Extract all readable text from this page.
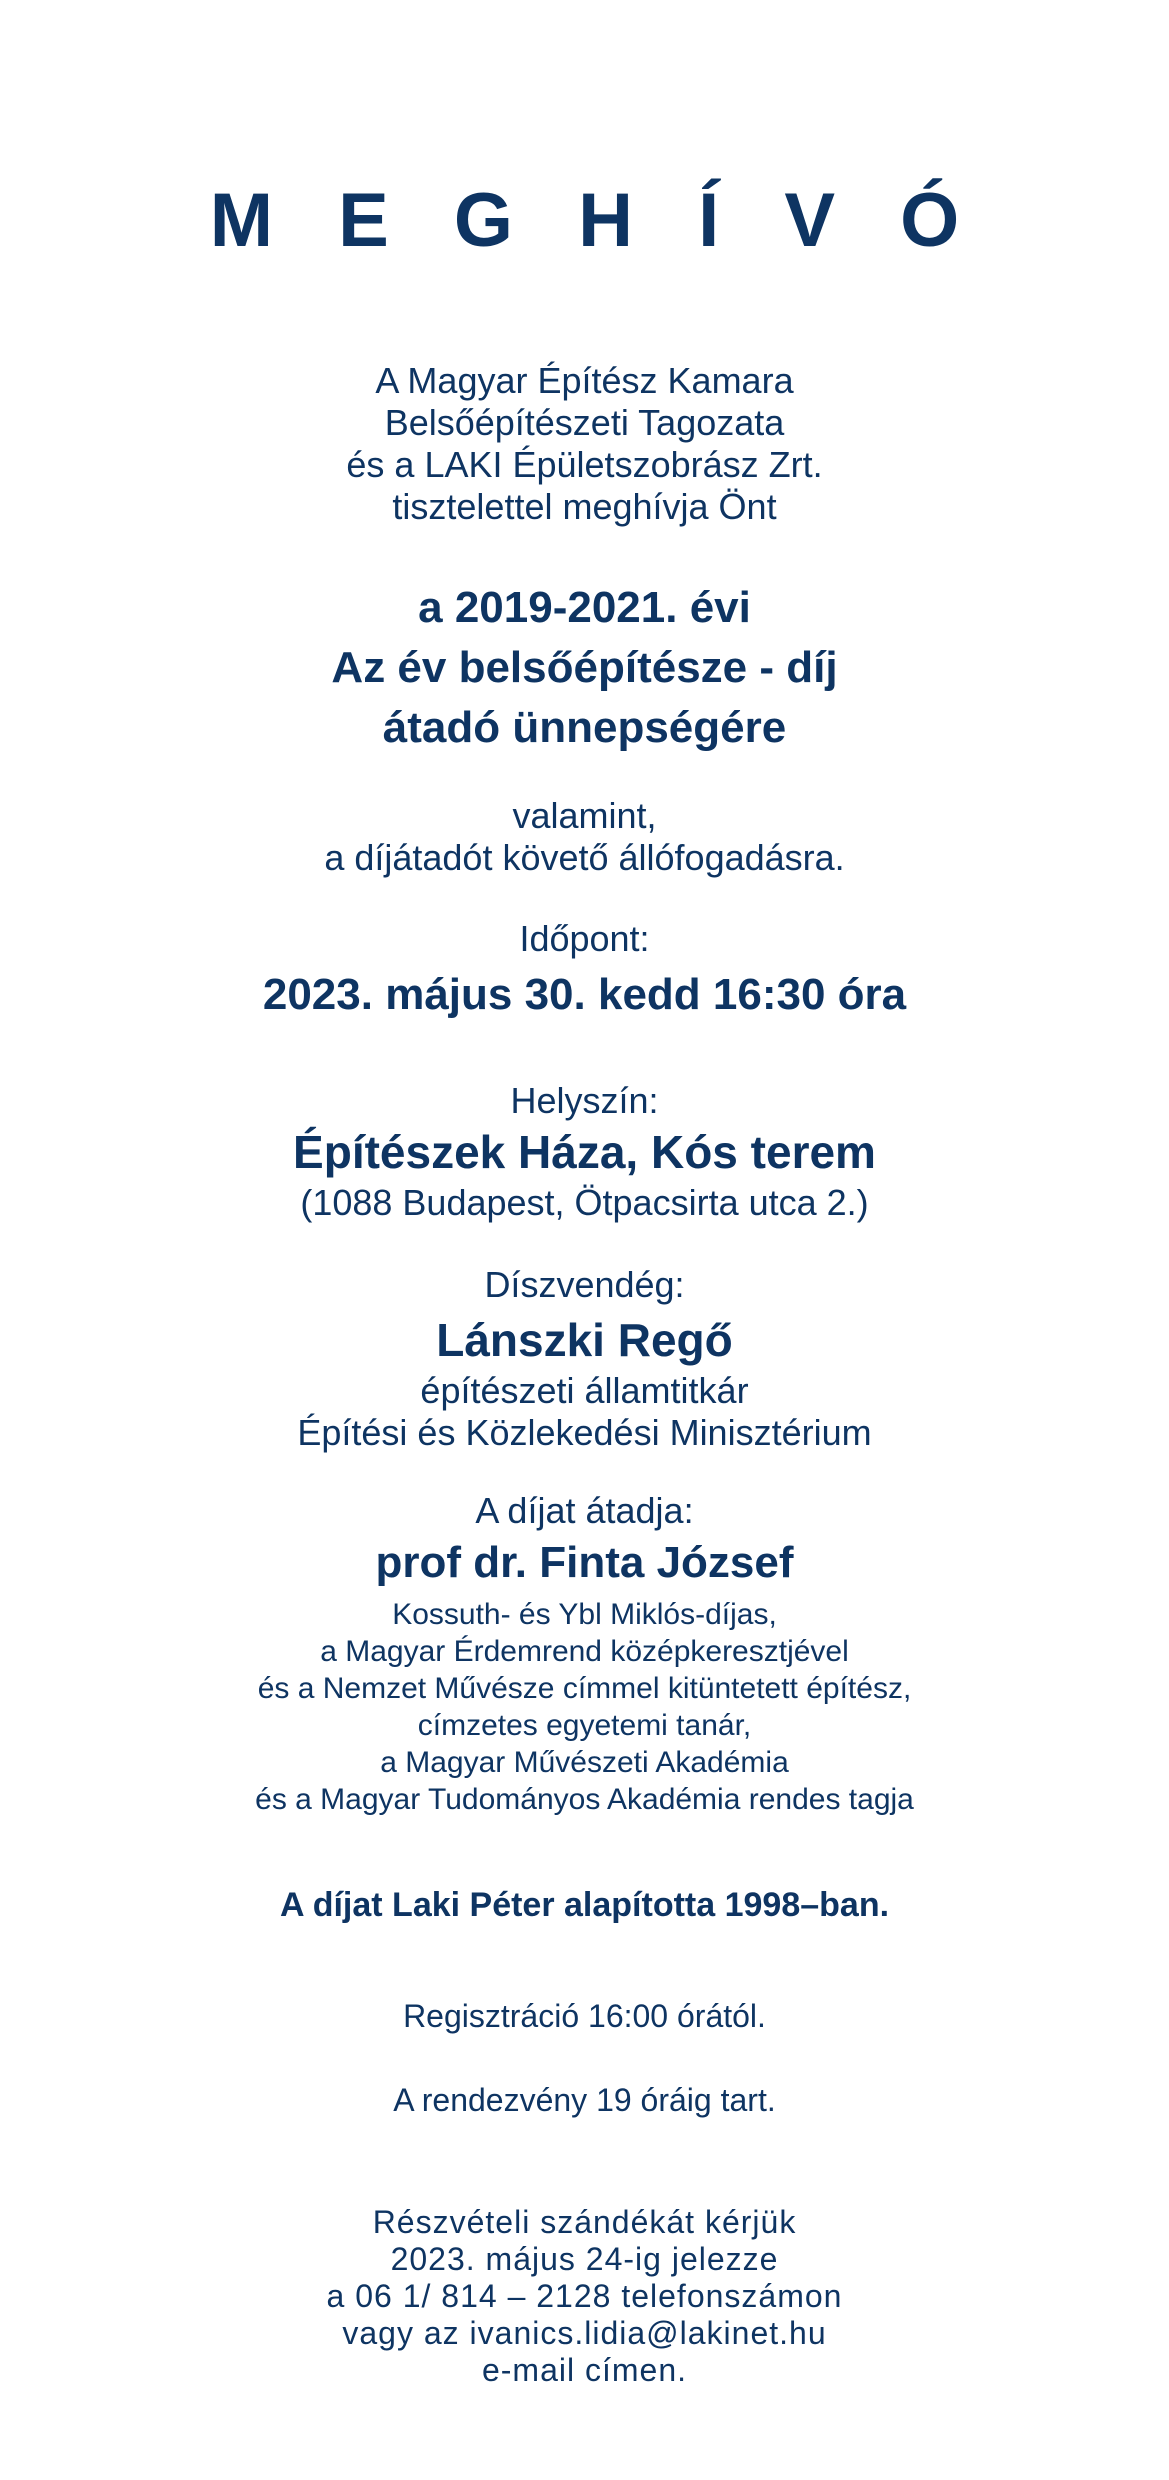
M E G H Í V Ó
A Magyar Építész Kamara
Belsőépítészeti Tagozata
és a LAKI Épületszobrász Zrt.
tisztelettel meghívja Önt
a 2019-2021. évi
Az év belsőépítésze - díj
átadó ünnepségére
valamint,
a díjátadót követő állófogadásra.
Időpont:
2023. május 30. kedd 16:30 óra
Helyszín:
Építészek Háza, Kós terem
(1088 Budapest, Ötpacsirta utca 2.)
Díszvendég:
Lánszki Regő
építészeti államtitkár
Építési és Közlekedési Minisztérium
A díjat átadja:
prof dr. Finta József
Kossuth- és Ybl Miklós-díjas,
a Magyar Érdemrend középkeresztjével
és a Nemzet Művésze címmel kitüntetett építész,
címzetes egyetemi tanár,
a Magyar Művészeti Akadémia
és a Magyar Tudományos Akadémia rendes tagja
A díjat Laki Péter alapította 1998–ban.
Regisztráció 16:00 órától.
A rendezvény 19 óráig tart.
Részvételi szándékát kérjük
2023. május 24-ig jelezze
a 06 1/ 814 – 2128 telefonszámon
vagy az ivanics.lidia@lakinet.hu
e-mail címen.
